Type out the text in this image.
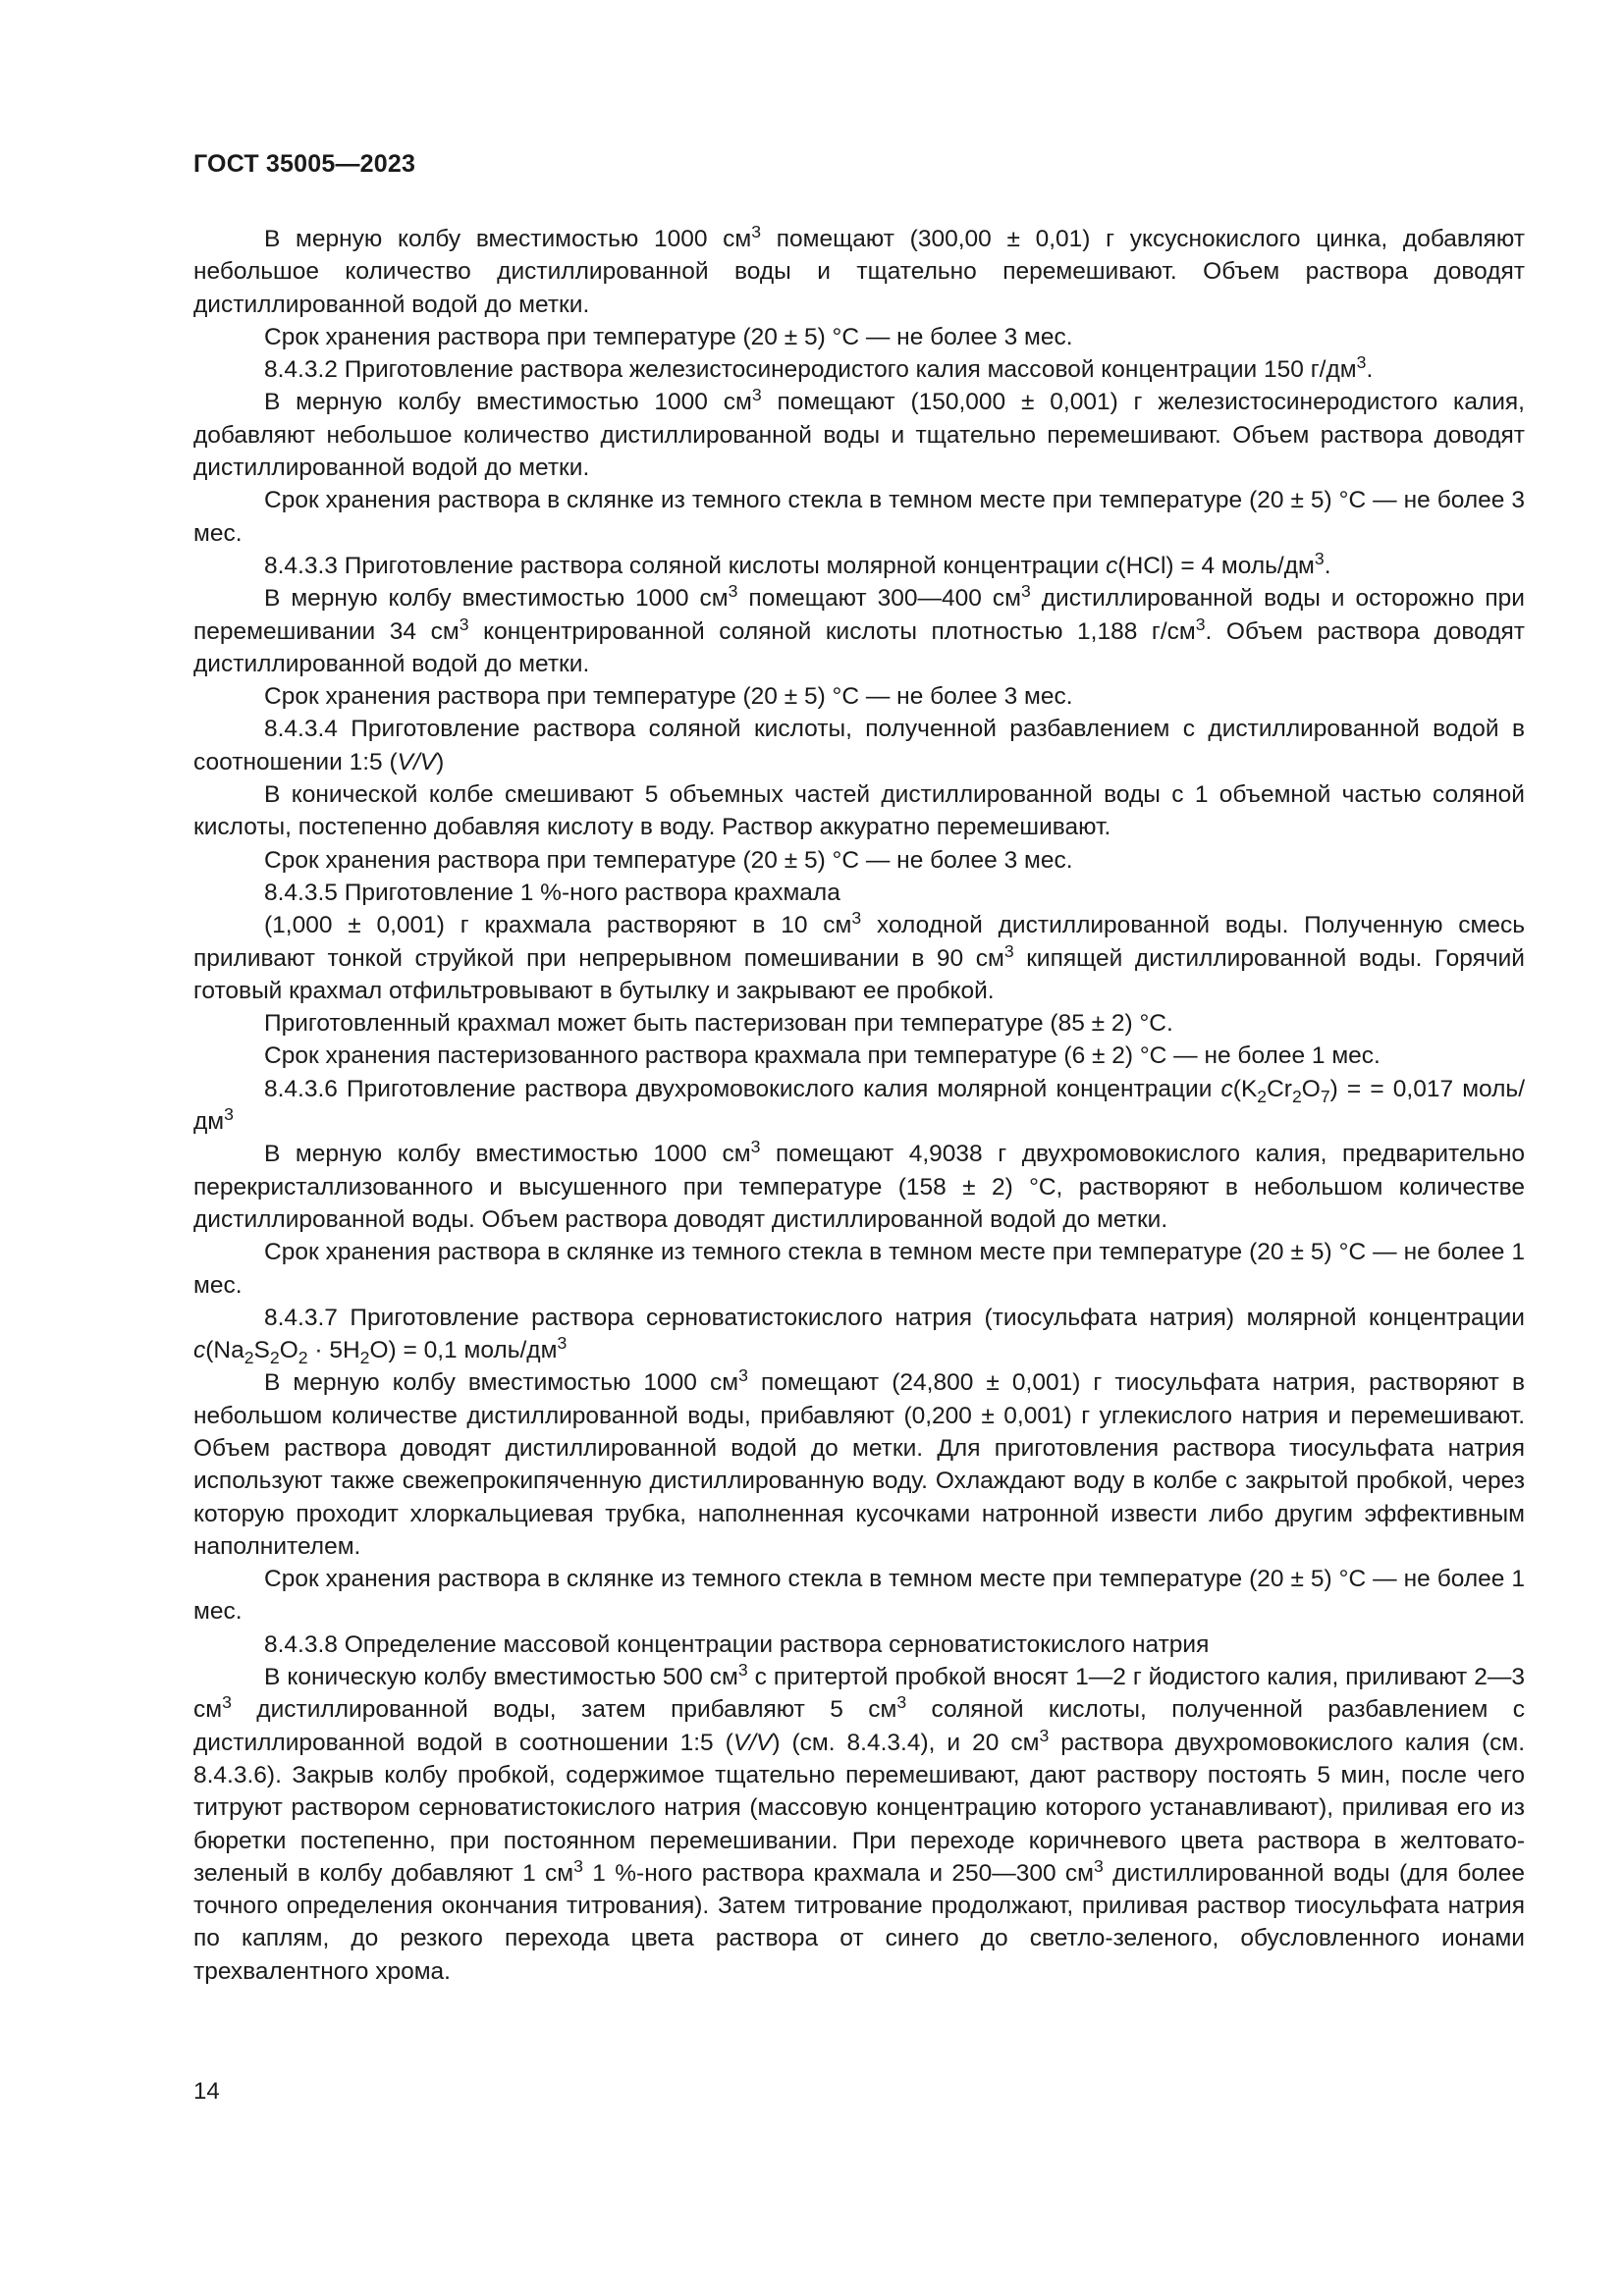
ГОСТ 35005—2023

В мерную колбу вместимостью 1000 $см^3$ помещают (300,00 ± 0,01) г уксуснокислого цинка, добавляют небольшое количество дистиллированной воды и тщательно перемешивают. Объем раствора доводят дистиллированной водой до метки.

Срок хранения раствора при температуре (20 ± 5) °С — не более 3 мес.

8.4.3.2 Приготовление раствора железистосинеродистого калия массовой концентрации 150 $г/дм^3$.

В мерную колбу вместимостью 1000 $см^3$ помещают (150,000 ± 0,001) г железистосинеродистого калия, добавляют небольшое количество дистиллированной воды и тщательно перемешивают. Объем раствора доводят дистиллированной водой до метки.

Срок хранения раствора в склянке из темного стекла в темном месте при температуре (20 ± 5) °С — не более 3 мес.

8.4.3.3 Приготовление раствора соляной кислоты молярной концентрации с(HCl) = 4 моль/$дм^3$.

В мерную колбу вместимостью 1000 $см^3$ помещают 300—400 $см^3$ дистиллированной воды и осторожно при перемешивании 34 $см^3$ концентрированной соляной кислоты плотностью 1,188 $г/см^3$. Объем раствора доводят дистиллированной водой до метки.

Срок хранения раствора при температуре (20 ± 5) °С — не более 3 мес.

8.4.3.4 Приготовление раствора соляной кислоты, полученной разбавлением с дистиллированной водой в соотношении 1:5 (V/V)

В конической колбе смешивают 5 объемных частей дистиллированной воды с 1 объемной частью соляной кислоты, постепенно добавляя кислоту в воду. Раствор аккуратно перемешивают.

Срок хранения раствора при температуре (20 ± 5) °С — не более 3 мес.

8.4.3.5 Приготовление 1 %-ного раствора крахмала

(1,000 ± 0,001) г крахмала растворяют в 10 $см^3$ холодной дистиллированной воды. Полученную смесь приливают тонкой струйкой при непрерывном помешивании в 90 $см^3$ кипящей дистиллированной воды. Горячий готовый крахмал отфильтровывают в бутылку и закрывают ее пробкой.

Приготовленный крахмал может быть пастеризован при температуре (85 ± 2) °С.

Срок хранения пастеризованного раствора крахмала при температуре (6 ± 2) °С — не более 1 мес.

8.4.3.6 Приготовление раствора двухромовокислого калия молярной концентрации $с(K_2Cr_2O_7)$ = = 0,017 моль/$дм^3$

В мерную колбу вместимостью 1000 $см^3$ помещают 4,9038 г двухромовокислого калия, предварительно перекристаллизованного и высушенного при температуре (158 ± 2) °С, растворяют в небольшом количестве дистиллированной воды. Объем раствора доводят дистиллированной водой до метки.

Срок хранения раствора в склянке из темного стекла в темном месте при температуре (20 ± 5) °С — не более 1 мес.

8.4.3.7 Приготовление раствора серноватистокислого натрия (тиосульфата натрия) молярной концентрации $с(Na_2S_2O_2 \cdot 5H_2O) = 0,1$ моль/$дм^3$

В мерную колбу вместимостью 1000 $см^3$ помещают (24,800 ± 0,001) г тиосульфата натрия, растворяют в небольшом количестве дистиллированной воды, прибавляют (0,200 ± 0,001) г углекислого натрия и перемешивают. Объем раствора доводят дистиллированной водой до метки. Для приготовления раствора тиосульфата натрия используют также свежепрокипяченную дистиллированную воду. Охлаждают воду в колбе с закрытой пробкой, через которую проходит хлоркальциевая трубка, наполненная кусочками натронной извести либо другим эффективным наполнителем.

Срок хранения раствора в склянке из темного стекла в темном месте при температуре (20 ± 5) °С — не более 1 мес.

8.4.3.8 Определение массовой концентрации раствора серноватистокислого натрия

В коническую колбу вместимостью 500 $см^3$ с притертой пробкой вносят 1—2 г йодистого калия, приливают 2—3 $см^3$ дистиллированной воды, затем прибавляют 5 $см^3$ соляной кислоты, полученной разбавлением с дистиллированной водой в соотношении 1:5 (V/V) (см. 8.4.3.4), и 20 $см^3$ раствора двухромовокислого калия (см. 8.4.3.6). Закрыв колбу пробкой, содержимое тщательно перемешивают, дают раствору постоять 5 мин, после чего титруют раствором серноватистокислого натрия (массовую концентрацию которого устанавливают), приливая его из бюретки постепенно, при постоянном перемешивании. При переходе коричневого цвета раствора в желтовато-зеленый в колбу добавляют 1 $см^3$ 1 %-ного раствора крахмала и 250—300 $см^3$ дистиллированной воды (для более точного определения окончания титрования). Затем титрование продолжают, приливая раствор тиосульфата натрия по каплям, до резкого перехода цвета раствора от синего до светло-зеленого, обусловленного ионами трехвалентного хрома.

14
